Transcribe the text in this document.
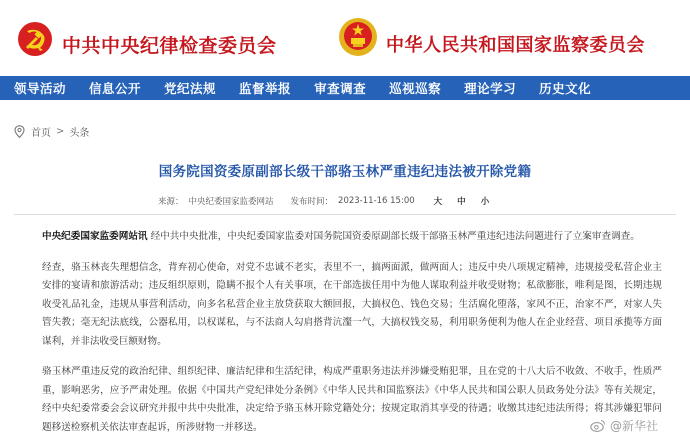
中共中央纪律检查委员会	中华人民共和国国家监察委员会
领导活动 信息公开 党纪法规 监督举报 审查调查 巡视巡察 理论学习 历史文化
首页 > 头条
国务院国资委原副部长级干部骆玉林严重违纪违法被开除党籍
来源： 中央纪委国家监委网站 发布时间： 2023-11-16 15:00 大 中 小

中央纪委国家监委网站讯 经中共中央批准，中央纪委国家监委对国务院国资委原副部长级干部骆玉林严重违纪违法问题进行了立案审查调查。

经查，骆玉林丧失理想信念，背弃初心使命，对党不忠诚不老实，表里不一，搞两面派，做两面人；违反中央八项规定精神，违规接受私营企业主安排的宴请和旅游活动；违反组织原则，隐瞒不报个人有关事项，在干部选拔任用中为他人谋取利益并收受财物；私欲膨胀，唯利是图，长期违规收受礼品礼金，违规从事营利活动，向多名私营企业主放贷获取大额回报，大搞权色、钱色交易；生活腐化堕落，家风不正，治家不严，对家人失管失教；毫无纪法底线，公器私用，以权谋私，与不法商人勾肩搭背沆瀣一气，大搞权钱交易，利用职务便利为他人在企业经营、项目承揽等方面谋利，并非法收受巨额财物。

骆玉林严重违反党的政治纪律、组织纪律、廉洁纪律和生活纪律，构成严重职务违法并涉嫌受贿犯罪，且在党的十八大后不收敛、不收手，性质严重，影响恶劣，应予严肃处理。依据《中国共产党纪律处分条例》《中华人民共和国监察法》《中华人民共和国公职人员政务处分法》等有关规定，经中央纪委常委会会议研究并报中共中央批准，决定给予骆玉林开除党籍处分；按规定取消其享受的待遇；收缴其违纪违法所得；将其涉嫌犯罪问题移送检察机关依法审查起诉，所涉财物一并移送。	@新华社
